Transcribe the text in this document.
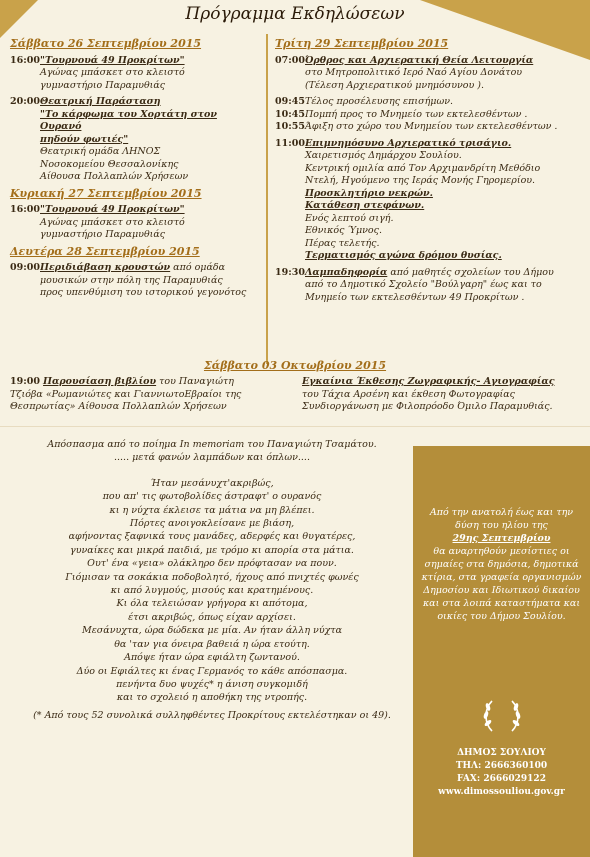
Πρόγραμμα Εκδηλώσεων
Σάββατο 26 Σεπτεμβρίου 2015
16:00 "Τουρνουά 49 Προκρίτων"
Αγώνας μπάσκετ στο κλειστό
γυμναστήριο Παραμυθιάς
20:00 Θεατρική Παράσταση
"Το κάρφωμα του Χορτάτη στον Ουρανό
πηδούν φωτιές"
Θεατρική ομάδα ΛΗΝΟΣ
Νοσοκομείου Θεσσαλονίκης
Αίθουσα Πολλαπλών Χρήσεων
Κυριακή 27 Σεπτεμβρίου 2015
16:00 "Τουρνουά 49 Προκρίτων"
Αγώνας μπάσκετ στο κλειστό
γυμναστήριο Παραμυθιάς
Δευτέρα 28 Σεπτεμβρίου 2015
09:00 Περιδιάβαση κρουστών από ομάδα
μουσικών στην πόλη της Παραμυθιάς
προς υπενθύμιση του ιστορικού γεγονότος
Τρίτη 29 Σεπτεμβρίου 2015
07:00 Όρθρος και Αρχιερατική Θεία Λειτουργία
στο Μητροπολιτικό Ιερό Ναό Αγίου Δονάτου
(Τέλεση Αρχιερατικού μνημόσυνου ).
09:45 Τέλος προσέλευσης επισήμων.
10:45 Πομπή προς το Μνημείο των εκτελεσθέντων .
10:55 Άφιξη στο χώρο του Μνημείου των εκτελεσθέντων .
11:00 Επιμνημόσυνο Αρχιερατικό τρισάγιο.
Χαιρετισμός Δημάρχου Σουλίου.
Κεντρική ομιλία από Τον Αρχιμανδρίτη Μεθόδιο
Ντελή, Ηγούμενο της Ιεράς Μονής Γηρομερίου.
Προσκλητήριο νεκρών.
Κατάθεση στεφάνων.
Ενός λεπτού σιγή.
Εθνικός Ύμνος.
Πέρας τελετής.
Τερματισμός αγώνα δρόμου θυσίας.
19:30 Λαμπαδηφορία από μαθητές σχολείων του Δήμου
από το Δημοτικό Σχολείο "Βούλγαρη" έως και το
Μνημείο των εκτελεσθέντων 49 Προκρίτων .
Σάββατο 03 Οκτωβρίου 2015
19:00 Παρουσίαση βιβλίου του Παναγιώτη
Τζιόβα «Ρωμανιώτες και ΓιαννιωτοΕβραίοι της
Θεσπρωτίας» Αίθουσα Πολλαπλών Χρήσεων
Εγκαίνια Έκθεσης Ζωγραφικής- Αγιογραφίας
του Τάχια Αρσένη και έκθεση Φωτογραφίας
Συνδιοργάνωση με Φιλοπρόοδο Όμιλο Παραμυθιάς.
Απόσπασμα από το ποίημα In memoriam του Παναγιώτη Τσαμάτου.
..... μετά φανών λαμπάδων και όπλων....
Ήταν μεσάνυχτ'ακριβώς,
που απ' τις φωτοβολίδες άστραφτ' ο ουρανός
κι η νύχτα έκλεισε τα μάτια να μη βλέπει.
Πόρτες ανοιγοκλείσανε με βιάση,
αφήνοντας ξαφνικά τους μανάδες, αδερφές και θυγατέρες,
γυναίκες και μικρά παιδιά, με τρόμο κι απορία στα μάτια.
Ουτ' ένα «γεια» ολάκληρο δεν πρόφτασαν να πουν.
Γιόμισαν τα σοκάκια ποδοβολητό, ήχους από πνιχτές φωνές
κι από λυγμούς, μισούς και κρατημένους.
Κι όλα τελειώσαν γρήγορα κι απότομα,
έτσι ακριβώς, όπως είχαν αρχίσει.
Μεσάνυχτα, ώρα δώδεκα με μία. Αν ήταν άλλη νύχτα
θα 'ταν για όνειρα βαθειά η ώρα ετούτη.
Απόψε ήταν ώρα εφιάλτη ζωντανού.
Δύο οι Εφιάλτες κι ένας Γερμανός το κάθε απόσπασμα.
πενήντα δυο ψυχές* η άνιση συγκομιδή
και το σχολειό η αποθήκη της ντροπής.
(* Από τους 52 συνολικά συλληφθέντες Προκρίτους εκτελέστηκαν οι 49).
Από την ανατολή έως και την
δύση του ηλίου της
29ης Σεπτεμβρίου
θα αναρτηθούν μεσίστιες οι
σημαίες στα δημόσια, δημοτικά
κτίρια, στα γραφεία οργανισμών
Δημοσίου και Ιδιωτικού δικαίου
και στα λοιπά καταστήματα και
οικίες του Δήμου Σουλίου.
ΔΗΜΟΣ ΣΟΥΛΙΟΥ
ΤΗΛ: 2666360100
FAX: 2666029122
www.dimossouliou.gov.gr
